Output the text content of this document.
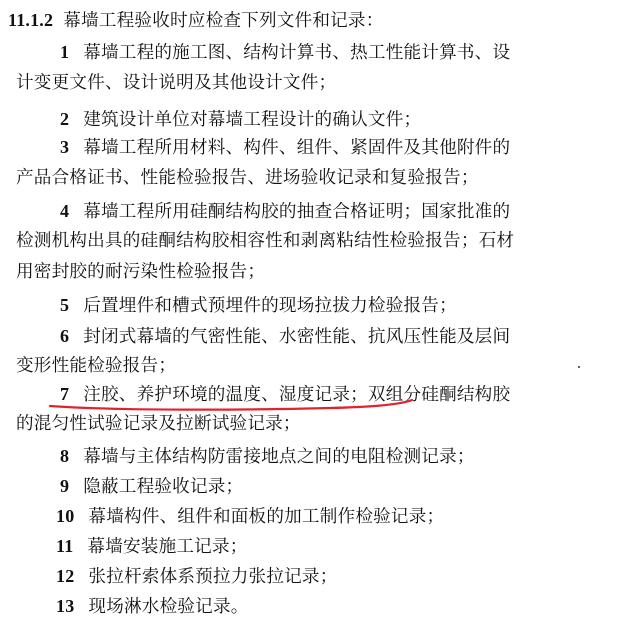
11.1.2 幕墙工程验收时应检查下列文件和记录：
1 幕墙工程的施工图、结构计算书、热工性能计算书、设
计变更文件、设计说明及其他设计文件；
2 建筑设计单位对幕墙工程设计的确认文件；
3 幕墙工程所用材料、构件、组件、紧固件及其他附件的
产品合格证书、性能检验报告、进场验收记录和复验报告；
4 幕墙工程所用硅酮结构胶的抽查合格证明；国家批准的
检测机构出具的硅酮结构胶相容性和剥离粘结性检验报告；石材
用密封胶的耐污染性检验报告；
5 后置埋件和槽式预埋件的现场拉拔力检验报告；
6 封闭式幕墙的气密性能、水密性能、抗风压性能及层间
变形性能检验报告；
7 注胶、养护环境的温度、湿度记录；双组分硅酮结构胶
的混匀性试验记录及拉断试验记录；
8 幕墙与主体结构防雷接地点之间的电阻检测记录；
9 隐蔽工程验收记录；
10 幕墙构件、组件和面板的加工制作检验记录；
11 幕墙安装施工记录；
12 张拉杆索体系预拉力张拉记录；
13 现场淋水检验记录。
